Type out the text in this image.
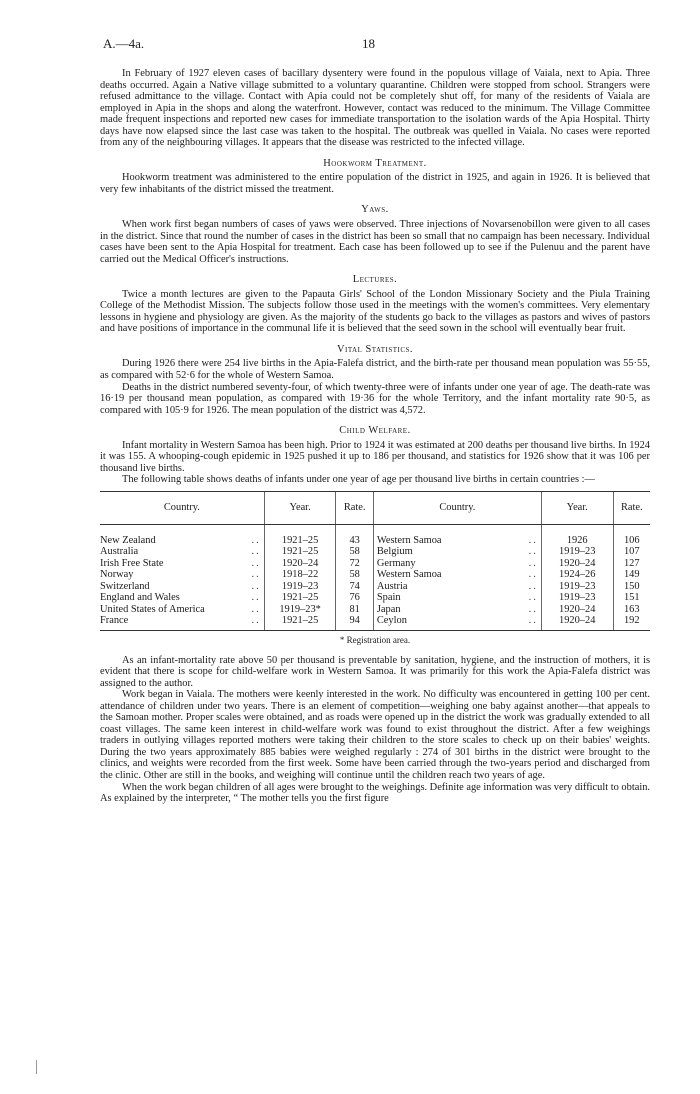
A.—4a.	18

In February of 1927 eleven cases of bacillary dysentery were found in the populous village of Vaiala, next to Apia. Three deaths occurred. Again a Native village submitted to a voluntary quarantine. Children were stopped from school. Strangers were refused admittance to the village. Contact with Apia could not be completely shut off, for many of the residents of Vaiala are employed in Apia in the shops and along the waterfront. However, contact was reduced to the minimum. The Village Committee made frequent inspections and reported new cases for immediate transportation to the isolation wards of the Apia Hospital. Thirty days have now elapsed since the last case was taken to the hospital. The outbreak was quelled in Vaiala. No cases were reported from any of the neighbouring villages. It appears that the disease was restricted to the infected village.

Hookworm Treatment.

Hookworm treatment was administered to the entire population of the district in 1925, and again in 1926. It is believed that very few inhabitants of the district missed the treatment.

Yaws.

When work first began numbers of cases of yaws were observed. Three injections of Novarsenobillon were given to all cases in the district. Since that round the number of cases in the district has been so small that no campaign has been necessary. Individual cases have been sent to the Apia Hospital for treatment. Each case has been followed up to see if the Pulenuu and the parent have carried out the Medical Officer's instructions.

Lectures.

Twice a month lectures are given to the Papauta Girls' School of the London Missionary Society and the Piula Training College of the Methodist Mission. The subjects follow those used in the meetings with the women's committees. Very elementary lessons in hygiene and physiology are given. As the majority of the students go back to the villages as pastors and wives of pastors and have positions of importance in the communal life it is believed that the seed sown in the school will eventually bear fruit.

Vital Statistics.

During 1926 there were 254 live births in the Apia-Falefa district, and the birth-rate per thousand mean population was 55·55, as compared with 52·6 for the whole of Western Samoa.

Deaths in the district numbered seventy-four, of which twenty-three were of infants under one year of age. The death-rate was 16·19 per thousand mean population, as compared with 19·36 for the whole Territory, and the infant mortality rate 90·5, as compared with 105·9 for 1926. The mean population of the district was 4,572.

Child Welfare.

Infant mortality in Western Samoa has been high. Prior to 1924 it was estimated at 200 deaths per thousand live births. In 1924 it was 155. A whooping-cough epidemic in 1925 pushed it up to 186 per thousand, and statistics for 1926 show that it was 106 per thousand live births.

The following table shows deaths of infants under one year of age per thousand live births in certain countries :—

Country.	Year.	Rate.	Country.	Year.	Rate.

New Zealand ..	1921–25	43	Western Samoa ..	1926	106
Australia ..	1921–25	58	Belgium ..	1919–23	107
Irish Free State ..	1920–24	72	Germany ..	1920–24	127
Norway ..	1918–22	58	Western Samoa ..	1924–26	149
Switzerland ..	1919–23	74	Austria ..	1919–23	150
England and Wales ..	1921–25	76	Spain ..	1919–23	151
United States of America ..	1919–23*	81	Japan ..	1920–24	163
France ..	1921–25	94	Ceylon ..	1920–24	192
* Registration area.

As an infant-mortality rate above 50 per thousand is preventable by sanitation, hygiene, and the instruction of mothers, it is evident that there is scope for child-welfare work in Western Samoa. It was primarily for this work the Apia-Falefa district was assigned to the author.

Work began in Vaiala. The mothers were keenly interested in the work. No difficulty was encountered in getting 100 per cent. attendance of children under two years. There is an element of competition—weighing one baby against another—that appeals to the Samoan mother. Proper scales were obtained, and as roads were opened up in the district the work was gradually extended to all coast villages. The same keen interest in child-welfare work was found to exist throughout the district. After a few weighings traders in outlying villages reported mothers were taking their children to the store scales to check up on their babies' weights. During the two years approximately 885 babies were weighed regularly : 274 of 301 births in the district were brought to the clinics, and weights were recorded from the first week. Some have been carried through the two-years period and discharged from the clinic. Other are still in the books, and weighing will continue until the children reach two years of age.

When the work began children of all ages were brought to the weighings. Definite age information was very difficult to obtain. As explained by the interpreter, “ The mother tells you the first figure
